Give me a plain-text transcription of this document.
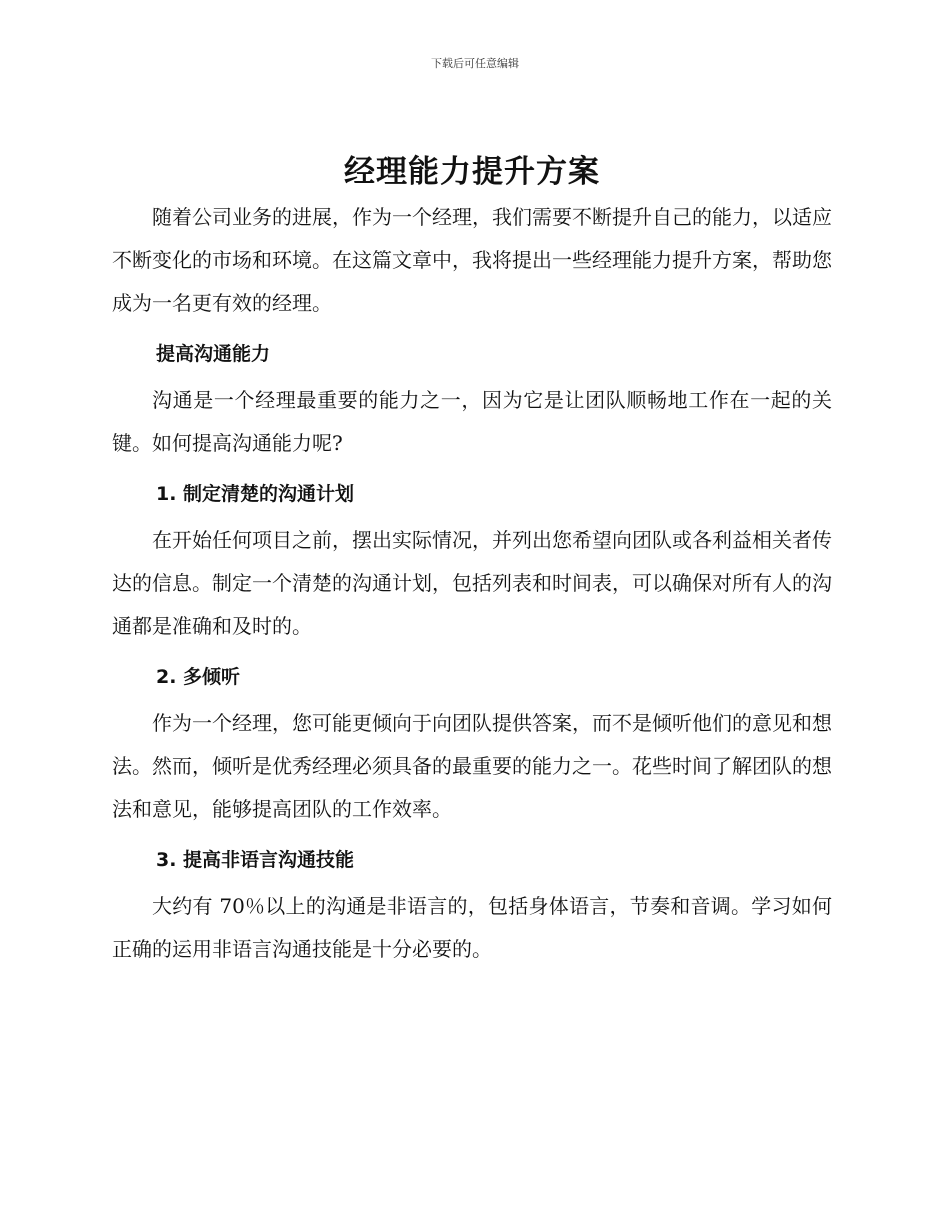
下载后可任意编辑
经理能力提升方案

随着公司业务的进展，作为一个经理，我们需要不断提升自己的能力，以适应不断变化的市场和环境。在这篇文章中，我将提出一些经理能力提升方案，帮助您成为一名更有效的经理。

提高沟通能力

沟通是一个经理最重要的能力之一，因为它是让团队顺畅地工作在一起的关键。如何提高沟通能力呢?

1. 制定清楚的沟通计划

在开始任何项目之前，摆出实际情况，并列出您希望向团队或各利益相关者传达的信息。制定一个清楚的沟通计划，包括列表和时间表，可以确保对所有人的沟通都是准确和及时的。

2. 多倾听

作为一个经理，您可能更倾向于向团队提供答案，而不是倾听他们的意见和想法。然而，倾听是优秀经理必须具备的最重要的能力之一。花些时间了解团队的想法和意见，能够提高团队的工作效率。

3. 提高非语言沟通技能

大约有 70％以上的沟通是非语言的，包括身体语言，节奏和音调。学习如何正确的运用非语言沟通技能是十分必要的。
